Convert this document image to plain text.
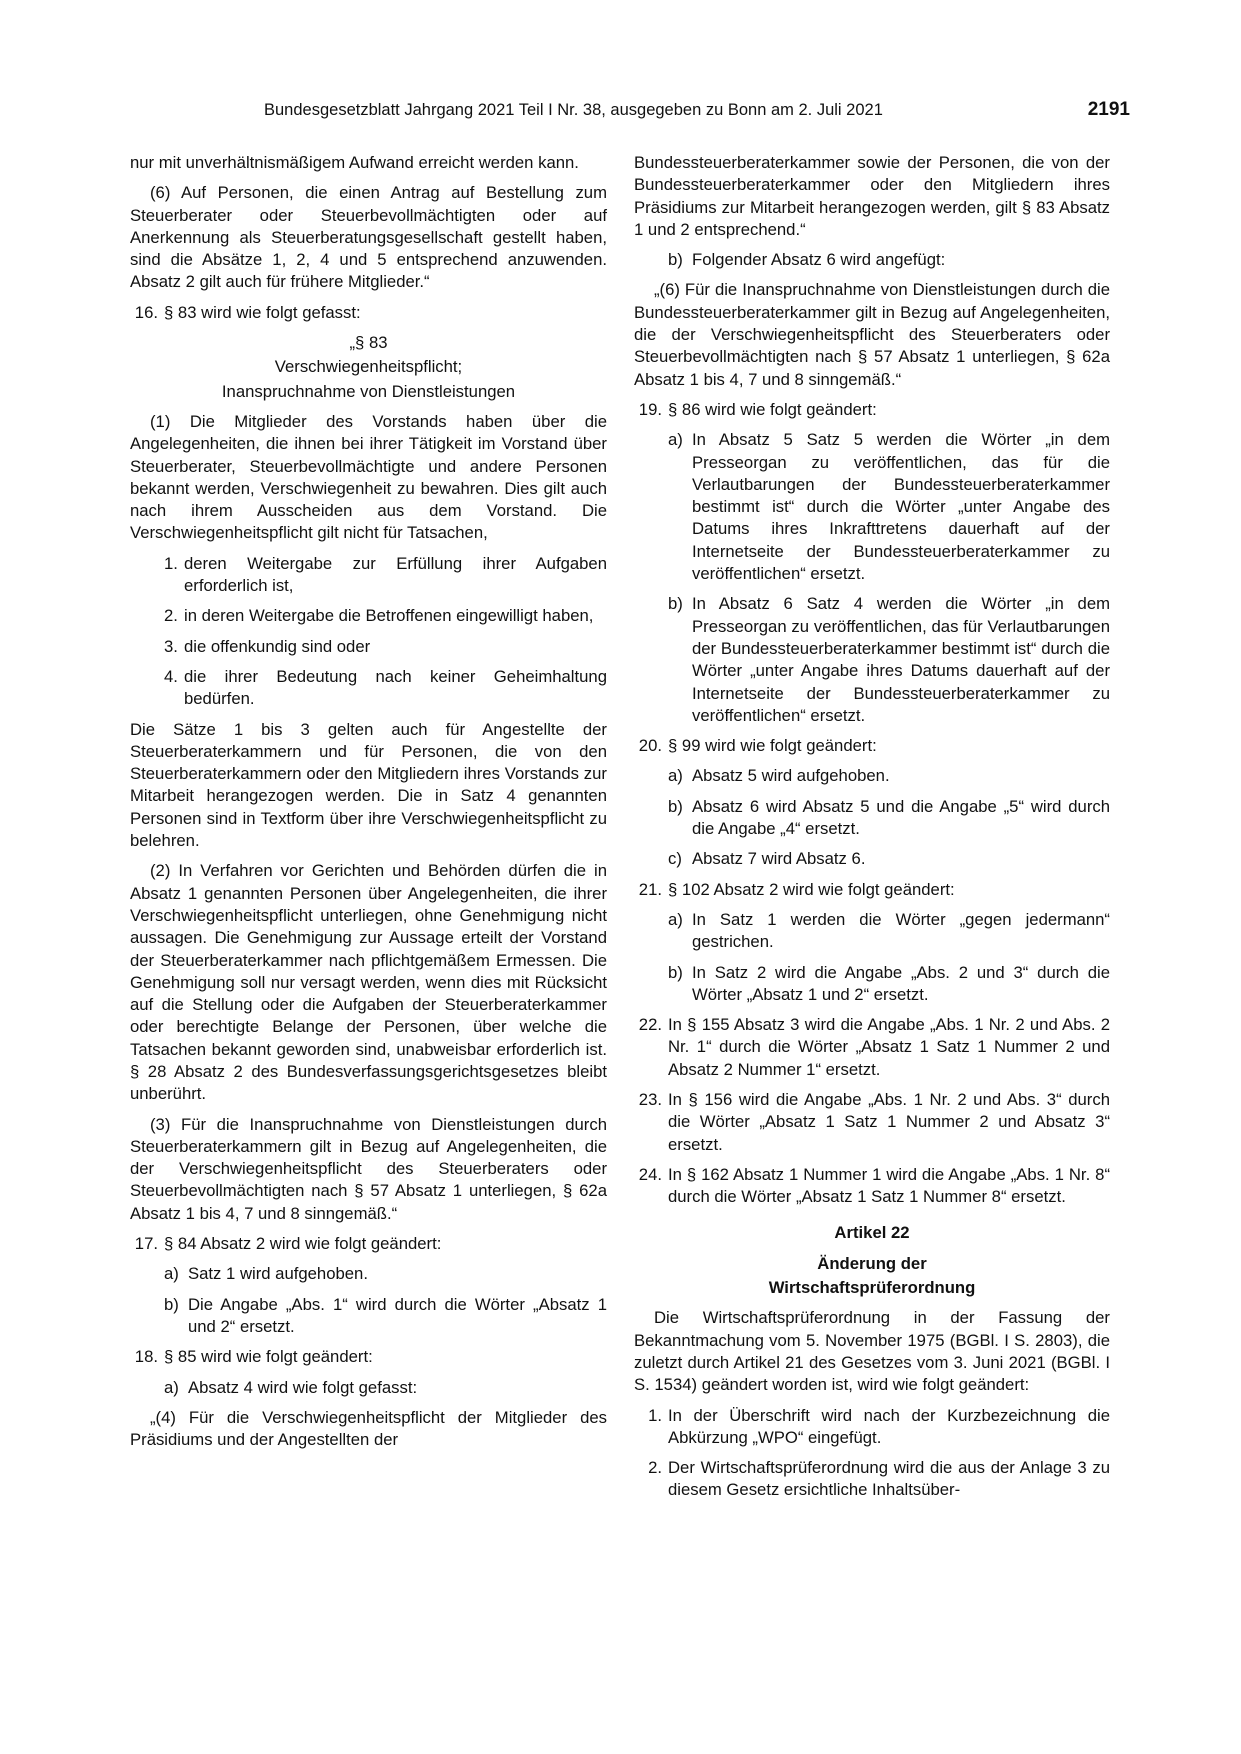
Bundesgesetzblatt Jahrgang 2021 Teil I Nr. 38, ausgegeben zu Bonn am 2. Juli 2021	2191

nur mit unverhältnismäßigem Aufwand erreicht werden kann.

(6) Auf Personen, die einen Antrag auf Bestellung zum Steuerberater oder Steuerbevollmächtigten oder auf Anerkennung als Steuerberatungsgesellschaft gestellt haben, sind die Absätze 1, 2, 4 und 5 entsprechend anzuwenden. Absatz 2 gilt auch für frühere Mitglieder.“

16. § 83 wird wie folgt gefasst:

„§ 83

Verschwiegenheitspflicht;

Inanspruchnahme von Dienstleistungen

(1) Die Mitglieder des Vorstands haben über die Angelegenheiten, die ihnen bei ihrer Tätigkeit im Vorstand über Steuerberater, Steuerbevollmächtigte und andere Personen bekannt werden, Verschwiegenheit zu bewahren. Dies gilt auch nach ihrem Ausscheiden aus dem Vorstand. Die Verschwiegenheitspflicht gilt nicht für Tatsachen,

1. deren Weitergabe zur Erfüllung ihrer Aufgaben erforderlich ist,
2. in deren Weitergabe die Betroffenen eingewilligt haben,
3. die offenkundig sind oder
4. die ihrer Bedeutung nach keiner Geheimhaltung bedürfen.

Die Sätze 1 bis 3 gelten auch für Angestellte der Steuerberaterkammern und für Personen, die von den Steuerberaterkammern oder den Mitgliedern ihres Vorstands zur Mitarbeit herangezogen werden. Die in Satz 4 genannten Personen sind in Textform über ihre Verschwiegenheitspflicht zu belehren.

(2) In Verfahren vor Gerichten und Behörden dürfen die in Absatz 1 genannten Personen über Angelegenheiten, die ihrer Verschwiegenheitspflicht unterliegen, ohne Genehmigung nicht aussagen. Die Genehmigung zur Aussage erteilt der Vorstand der Steuerberaterkammer nach pflichtgemäßem Ermessen. Die Genehmigung soll nur versagt werden, wenn dies mit Rücksicht auf die Stellung oder die Aufgaben der Steuerberaterkammer oder berechtigte Belange der Personen, über welche die Tatsachen bekannt geworden sind, unabweisbar erforderlich ist. § 28 Absatz 2 des Bundesverfassungsgerichtsgesetzes bleibt unberührt.

(3) Für die Inanspruchnahme von Dienstleistungen durch Steuerberaterkammern gilt in Bezug auf Angelegenheiten, die der Verschwiegenheitspflicht des Steuerberaters oder Steuerbevollmächtigten nach § 57 Absatz 1 unterliegen, § 62a Absatz 1 bis 4, 7 und 8 sinngemäß.“

17. § 84 Absatz 2 wird wie folgt geändert:
a) Satz 1 wird aufgehoben.
b) Die Angabe „Abs. 1“ wird durch die Wörter „Absatz 1 und 2“ ersetzt.
18. § 85 wird wie folgt geändert:
a) Absatz 4 wird wie folgt gefasst:

„(4) Für die Verschwiegenheitspflicht der Mitglieder des Präsidiums und der Angestellten der

Bundessteuerberaterkammer sowie der Personen, die von der Bundessteuerberaterkammer oder den Mitgliedern ihres Präsidiums zur Mitarbeit herangezogen werden, gilt § 83 Absatz 1 und 2 entsprechend.“

b) Folgender Absatz 6 wird angefügt:

„(6) Für die Inanspruchnahme von Dienstleistungen durch die Bundessteuerberaterkammer gilt in Bezug auf Angelegenheiten, die der Verschwiegenheitspflicht des Steuerberaters oder Steuerbevollmächtigten nach § 57 Absatz 1 unterliegen, § 62a Absatz 1 bis 4, 7 und 8 sinngemäß.“

19. § 86 wird wie folgt geändert:
a) In Absatz 5 Satz 5 werden die Wörter „in dem Presseorgan zu veröffentlichen, das für die Verlautbarungen der Bundessteuerberaterkammer bestimmt ist“ durch die Wörter „unter Angabe des Datums ihres Inkrafttretens dauerhaft auf der Internetseite der Bundessteuerberaterkammer zu veröffentlichen“ ersetzt.
b) In Absatz 6 Satz 4 werden die Wörter „in dem Presseorgan zu veröffentlichen, das für Verlautbarungen der Bundessteuerberaterkammer bestimmt ist“ durch die Wörter „unter Angabe ihres Datums dauerhaft auf der Internetseite der Bundessteuerberaterkammer zu veröffentlichen“ ersetzt.
20. § 99 wird wie folgt geändert:
a) Absatz 5 wird aufgehoben.
b) Absatz 6 wird Absatz 5 und die Angabe „5“ wird durch die Angabe „4“ ersetzt.
c) Absatz 7 wird Absatz 6.
21. § 102 Absatz 2 wird wie folgt geändert:
a) In Satz 1 werden die Wörter „gegen jedermann“ gestrichen.
b) In Satz 2 wird die Angabe „Abs. 2 und 3“ durch die Wörter „Absatz 1 und 2“ ersetzt.
22. In § 155 Absatz 3 wird die Angabe „Abs. 1 Nr. 2 und Abs. 2 Nr. 1“ durch die Wörter „Absatz 1 Satz 1 Nummer 2 und Absatz 2 Nummer 1“ ersetzt.
23. In § 156 wird die Angabe „Abs. 1 Nr. 2 und Abs. 3“ durch die Wörter „Absatz 1 Satz 1 Nummer 2 und Absatz 3“ ersetzt.
24. In § 162 Absatz 1 Nummer 1 wird die Angabe „Abs. 1 Nr. 8“ durch die Wörter „Absatz 1 Satz 1 Nummer 8“ ersetzt.

Artikel 22

Änderung der

Wirtschaftsprüferordnung

Die Wirtschaftsprüferordnung in der Fassung der Bekanntmachung vom 5. November 1975 (BGBl. I S. 2803), die zuletzt durch Artikel 21 des Gesetzes vom 3. Juni 2021 (BGBl. I S. 1534) geändert worden ist, wird wie folgt geändert:

1. In der Überschrift wird nach der Kurzbezeichnung die Abkürzung „WPO“ eingefügt.
2. Der Wirtschaftsprüferordnung wird die aus der Anlage 3 zu diesem Gesetz ersichtliche Inhaltsüber-
